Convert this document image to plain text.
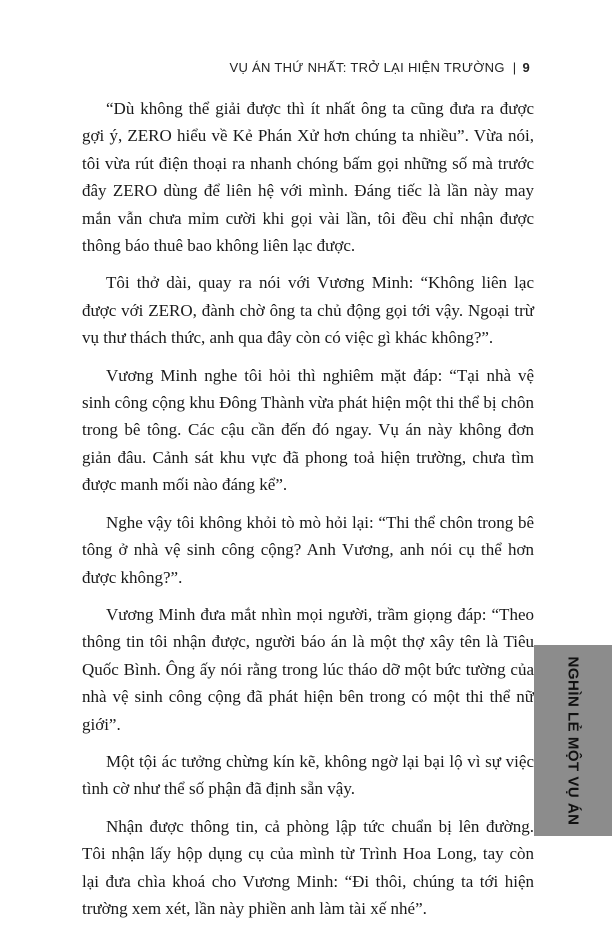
VỤ ÁN THỨ NHẤT: TRỞ LẠI HIỆN TRƯỜNG | 9

“Dù không thể giải được thì ít nhất ông ta cũng đưa ra được gợi ý, ZERO hiểu về Kẻ Phán Xử hơn chúng ta nhiều”. Vừa nói, tôi vừa rút điện thoại ra nhanh chóng bấm gọi những số mà trước đây ZERO dùng để liên hệ với mình. Đáng tiếc là lần này may mắn vẫn chưa mỉm cười khi gọi vài lần, tôi đều chỉ nhận được thông báo thuê bao không liên lạc được.

Tôi thở dài, quay ra nói với Vương Minh: “Không liên lạc được với ZERO, đành chờ ông ta chủ động gọi tới vậy. Ngoại trừ vụ thư thách thức, anh qua đây còn có việc gì khác không?”.

Vương Minh nghe tôi hỏi thì nghiêm mặt đáp: “Tại nhà vệ sinh công cộng khu Đông Thành vừa phát hiện một thi thể bị chôn trong bê tông. Các cậu cần đến đó ngay. Vụ án này không đơn giản đâu. Cảnh sát khu vực đã phong toả hiện trường, chưa tìm được manh mối nào đáng kể”.

Nghe vậy tôi không khỏi tò mò hỏi lại: “Thi thể chôn trong bê tông ở nhà vệ sinh công cộng? Anh Vương, anh nói cụ thể hơn được không?”.

Vương Minh đưa mắt nhìn mọi người, trầm giọng đáp: “Theo thông tin tôi nhận được, người báo án là một thợ xây tên là Tiêu Quốc Bình. Ông ấy nói rằng trong lúc tháo dỡ một bức tường của nhà vệ sinh công cộng đã phát hiện bên trong có một thi thể nữ giới”.

Một tội ác tưởng chừng kín kẽ, không ngờ lại bại lộ vì sự việc tình cờ như thể số phận đã định sẵn vậy.

Nhận được thông tin, cả phòng lập tức chuẩn bị lên đường. Tôi nhận lấy hộp dụng cụ của mình từ Trình Hoa Long, tay còn lại đưa chìa khoá cho Vương Minh: “Đi thôi, chúng ta tới hiện trường xem xét, lần này phiền anh làm tài xế nhé”.

NGHÌN LẺ MỘT VỤ ÁN
